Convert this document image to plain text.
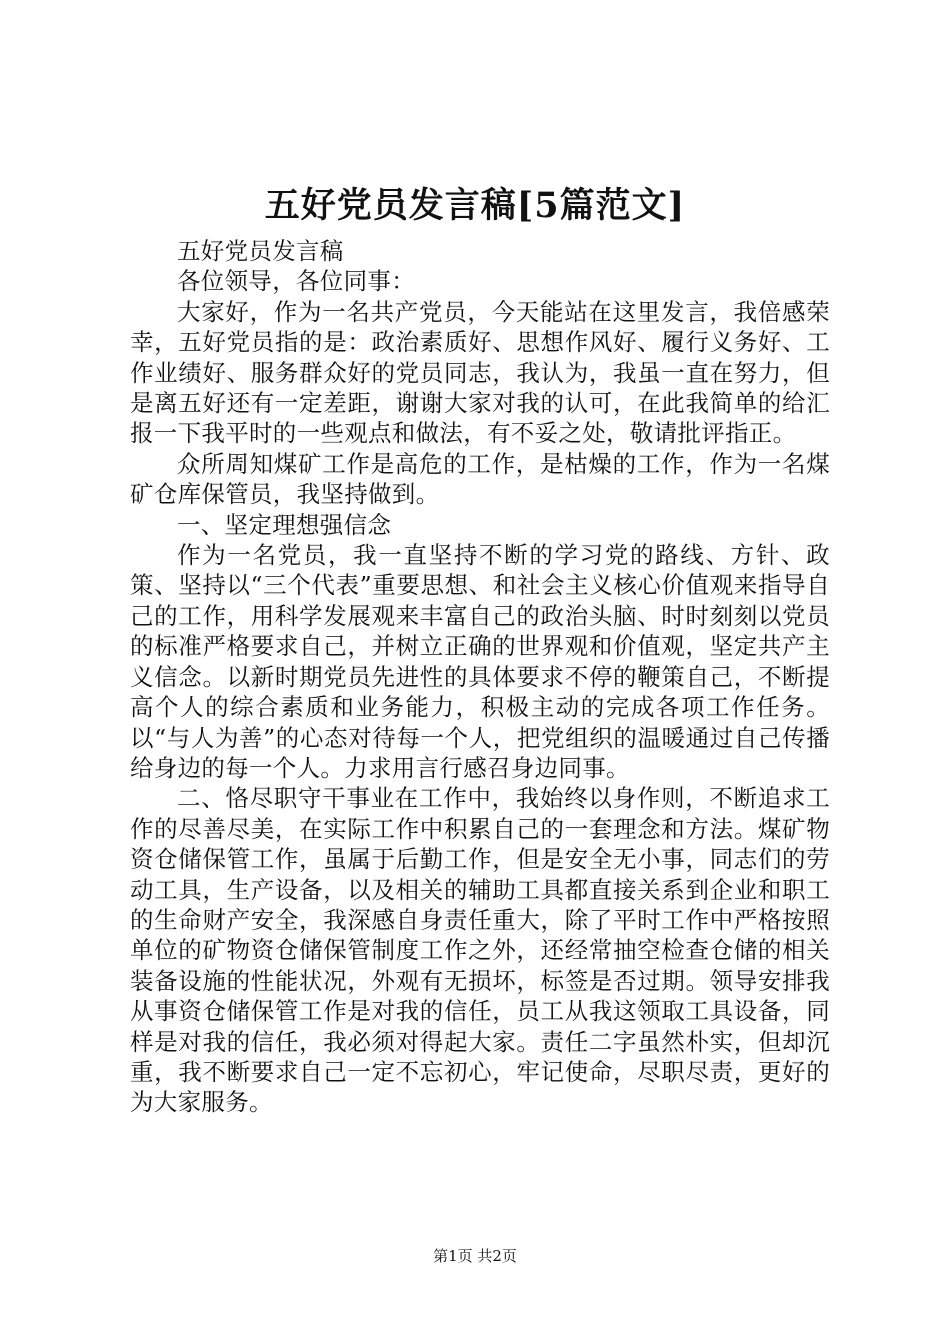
五好党员发言稿[5篇范文]

五好党员发言稿

各位领导，各位同事：

大家好，作为一名共产党员，今天能站在这里发言，我倍感荣幸，五好党员指的是：政治素质好、思想作风好、履行义务好、工作业绩好、服务群众好的党员同志，我认为，我虽一直在努力，但是离五好还有一定差距，谢谢大家对我的认可，在此我简单的给汇报一下我平时的一些观点和做法，有不妥之处，敬请批评指正。

众所周知煤矿工作是高危的工作，是枯燥的工作，作为一名煤矿仓库保管员，我坚持做到。

一、坚定理想强信念

作为一名党员，我一直坚持不断的学习党的路线、方针、政策、坚持以“三个代表”重要思想、和社会主义核心价值观来指导自己的工作，用科学发展观来丰富自己的政治头脑、时时刻刻以党员的标准严格要求自己，并树立正确的世界观和价值观，坚定共产主义信念。以新时期党员先进性的具体要求不停的鞭策自己，不断提高个人的综合素质和业务能力，积极主动的完成各项工作任务。以“与人为善”的心态对待每一个人，把党组织的温暖通过自己传播给身边的每一个人。力求用言行感召身边同事。

二、恪尽职守干事业在工作中，我始终以身作则，不断追求工作的尽善尽美，在实际工作中积累自己的一套理念和方法。煤矿物资仓储保管工作，虽属于后勤工作，但是安全无小事，同志们的劳动工具，生产设备，以及相关的辅助工具都直接关系到企业和职工的生命财产安全，我深感自身责任重大，除了平时工作中严格按照单位的矿物资仓储保管制度工作之外，还经常抽空检查仓储的相关装备设施的性能状况，外观有无损坏，标签是否过期。领导安排我从事资仓储保管工作是对我的信任，员工从我这领取工具设备，同样是对我的信任，我必须对得起大家。责任二字虽然朴实，但却沉重，我不断要求自己一定不忘初心，牢记使命，尽职尽责，更好的为大家服务。

第1页 共2页
